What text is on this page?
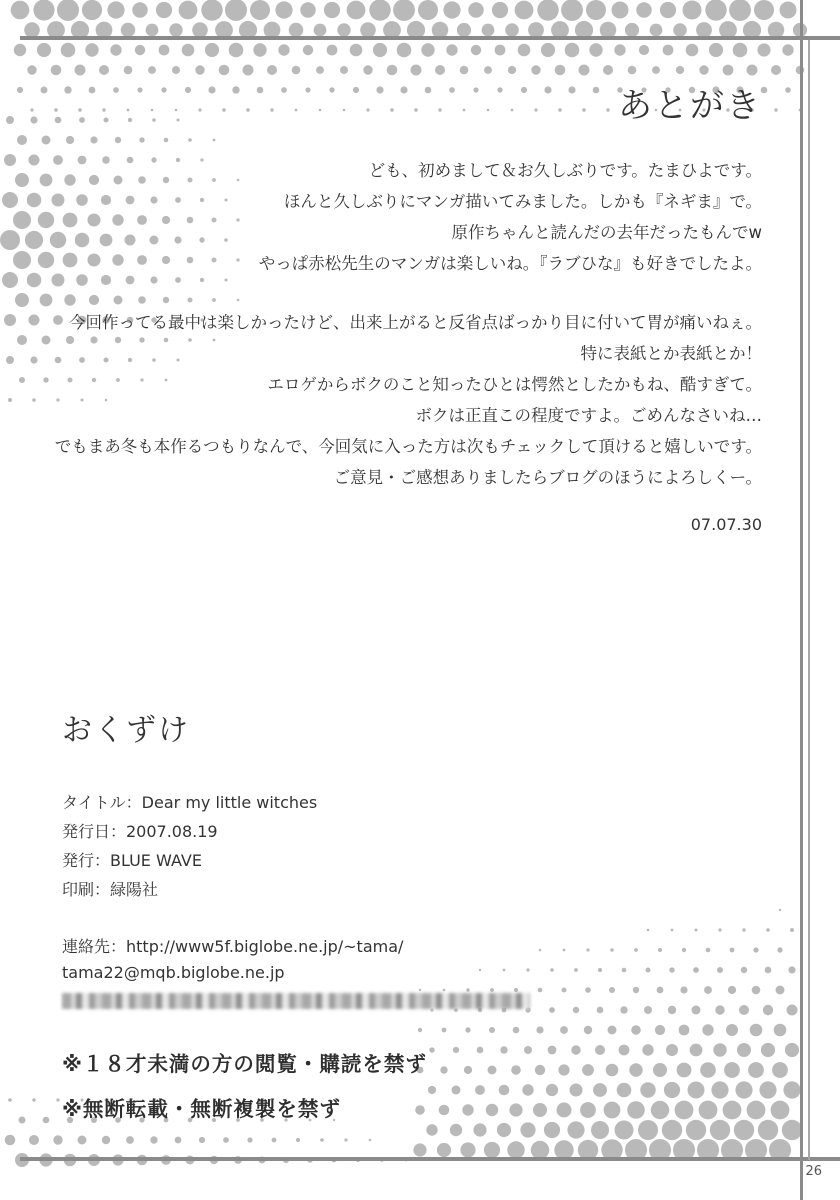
あとがき
ども、初めまして＆お久しぶりです。たまひよです。
ほんと久しぶりにマンガ描いてみました。しかも『ネギま』で。
原作ちゃんと読んだの去年だったもんでw
やっぱ赤松先生のマンガは楽しいね。『ラブひな』も好きでしたよ。
今回作ってる最中は楽しかったけど、出来上がると反省点ばっかり目に付いて胃が痛いねぇ。
特に表紙とか表紙とか！
エロゲからボクのこと知ったひとは愕然としたかもね、酷すぎて。
ボクは正直この程度ですよ。ごめんなさいね…
でもまあ冬も本作るつもりなんで、今回気に入った方は次もチェックして頂けると嬉しいです。
ご意見・ご感想ありましたらブログのほうによろしくー。
07.07.30
おくずけ
タイトル：Dear my little witches
発行日：2007.08.19
発行：BLUE WAVE
印刷：緑陽社
連絡先：http://www5f.biglobe.ne.jp/~tama/
tama22@mqb.biglobe.ne.jp
※１８才未満の方の閲覧・購読を禁ず
※無断転載・無断複製を禁ず
26
